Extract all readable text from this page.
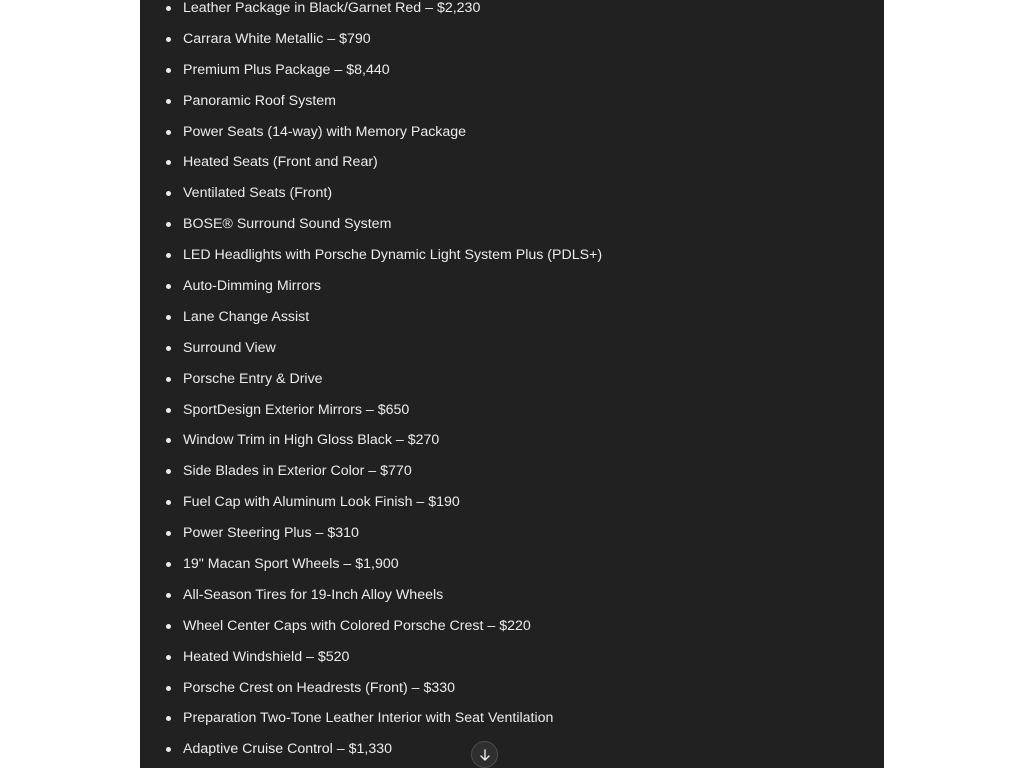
Leather Package in Black/Garnet Red – $2,230
Carrara White Metallic – $790
Premium Plus Package – $8,440
Panoramic Roof System
Power Seats (14-way) with Memory Package
Heated Seats (Front and Rear)
Ventilated Seats (Front)
BOSE® Surround Sound System
LED Headlights with Porsche Dynamic Light System Plus (PDLS+)
Auto-Dimming Mirrors
Lane Change Assist
Surround View
Porsche Entry & Drive
SportDesign Exterior Mirrors – $650
Window Trim in High Gloss Black – $270
Side Blades in Exterior Color – $770
Fuel Cap with Aluminum Look Finish – $190
Power Steering Plus – $310
19" Macan Sport Wheels – $1,900
All-Season Tires for 19-Inch Alloy Wheels
Wheel Center Caps with Colored Porsche Crest – $220
Heated Windshield – $520
Porsche Crest on Headrests (Front) – $330
Preparation Two-Tone Leather Interior with Seat Ventilation
Adaptive Cruise Control – $1,330
